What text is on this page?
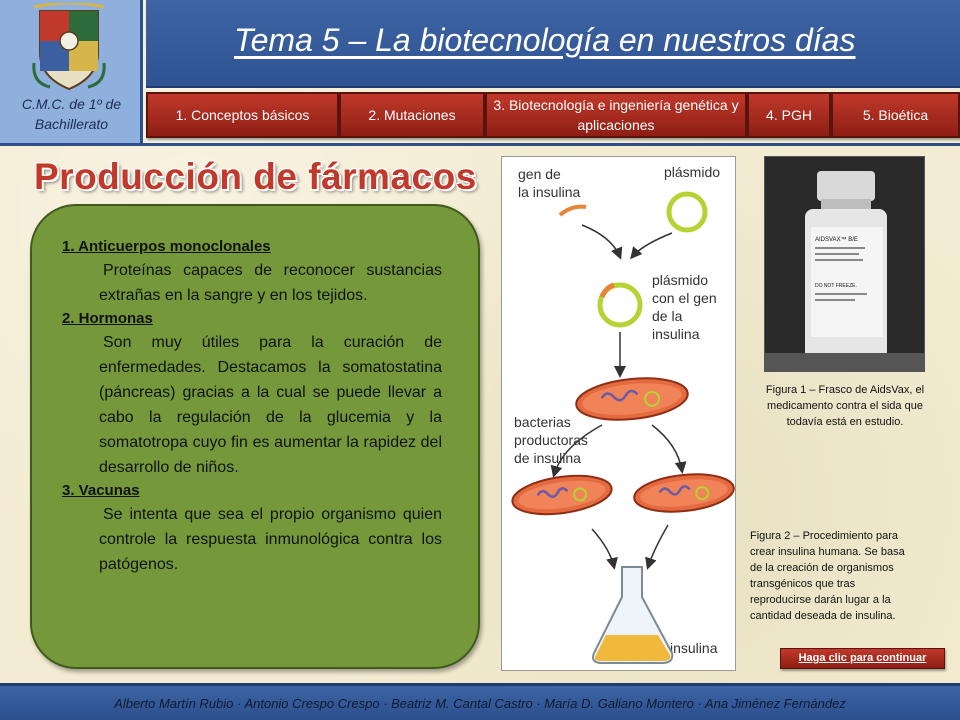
C.M.C. de 1º de Bachillerato
Tema 5 – La biotecnología en nuestros días
1. Conceptos básicos	2. Mutaciones
3. Biotecnología e ingeniería genética y aplicaciones
4. PGH	5. Bioética
Producción de fármacos
1. Anticuerpos monoclonales
Proteínas capaces de reconocer sustancias extrañas en la sangre y en los tejidos.
2. Hormonas
Son muy útiles para la curación de enfermedades. Destacamos la somatostatina (páncreas) gracias a la cual se puede llevar a cabo la regulación de la glucemia y la somatotropa cuyo fin es aumentar la rapidez del desarrollo de niños.
3. Vacunas
Se intenta que sea el propio organismo quien controle la respuesta inmunológica contra los patógenos.
gen de la insulina
plásmido
plásmido con el gen de la insulina
bacterias productoras de insulina
insulina
AIDSVAX™ B/E
DO NOT FREEZE.
Figura 1 – Frasco de AidsVax, el medicamento contra el sida que todavía está en estudio.
Figura 2 – Procedimiento para crear insulina humana. Se basa de la creación de organismos transgénicos que tras reproducirse darán lugar a la cantidad deseada de insulina.
Haga clic para continuar
Alberto Martín Rubio · Antonio Crespo Crespo · Beatriz M. Cantal Castro · María D. Galiano Montero · Ana Jiménez Fernández
